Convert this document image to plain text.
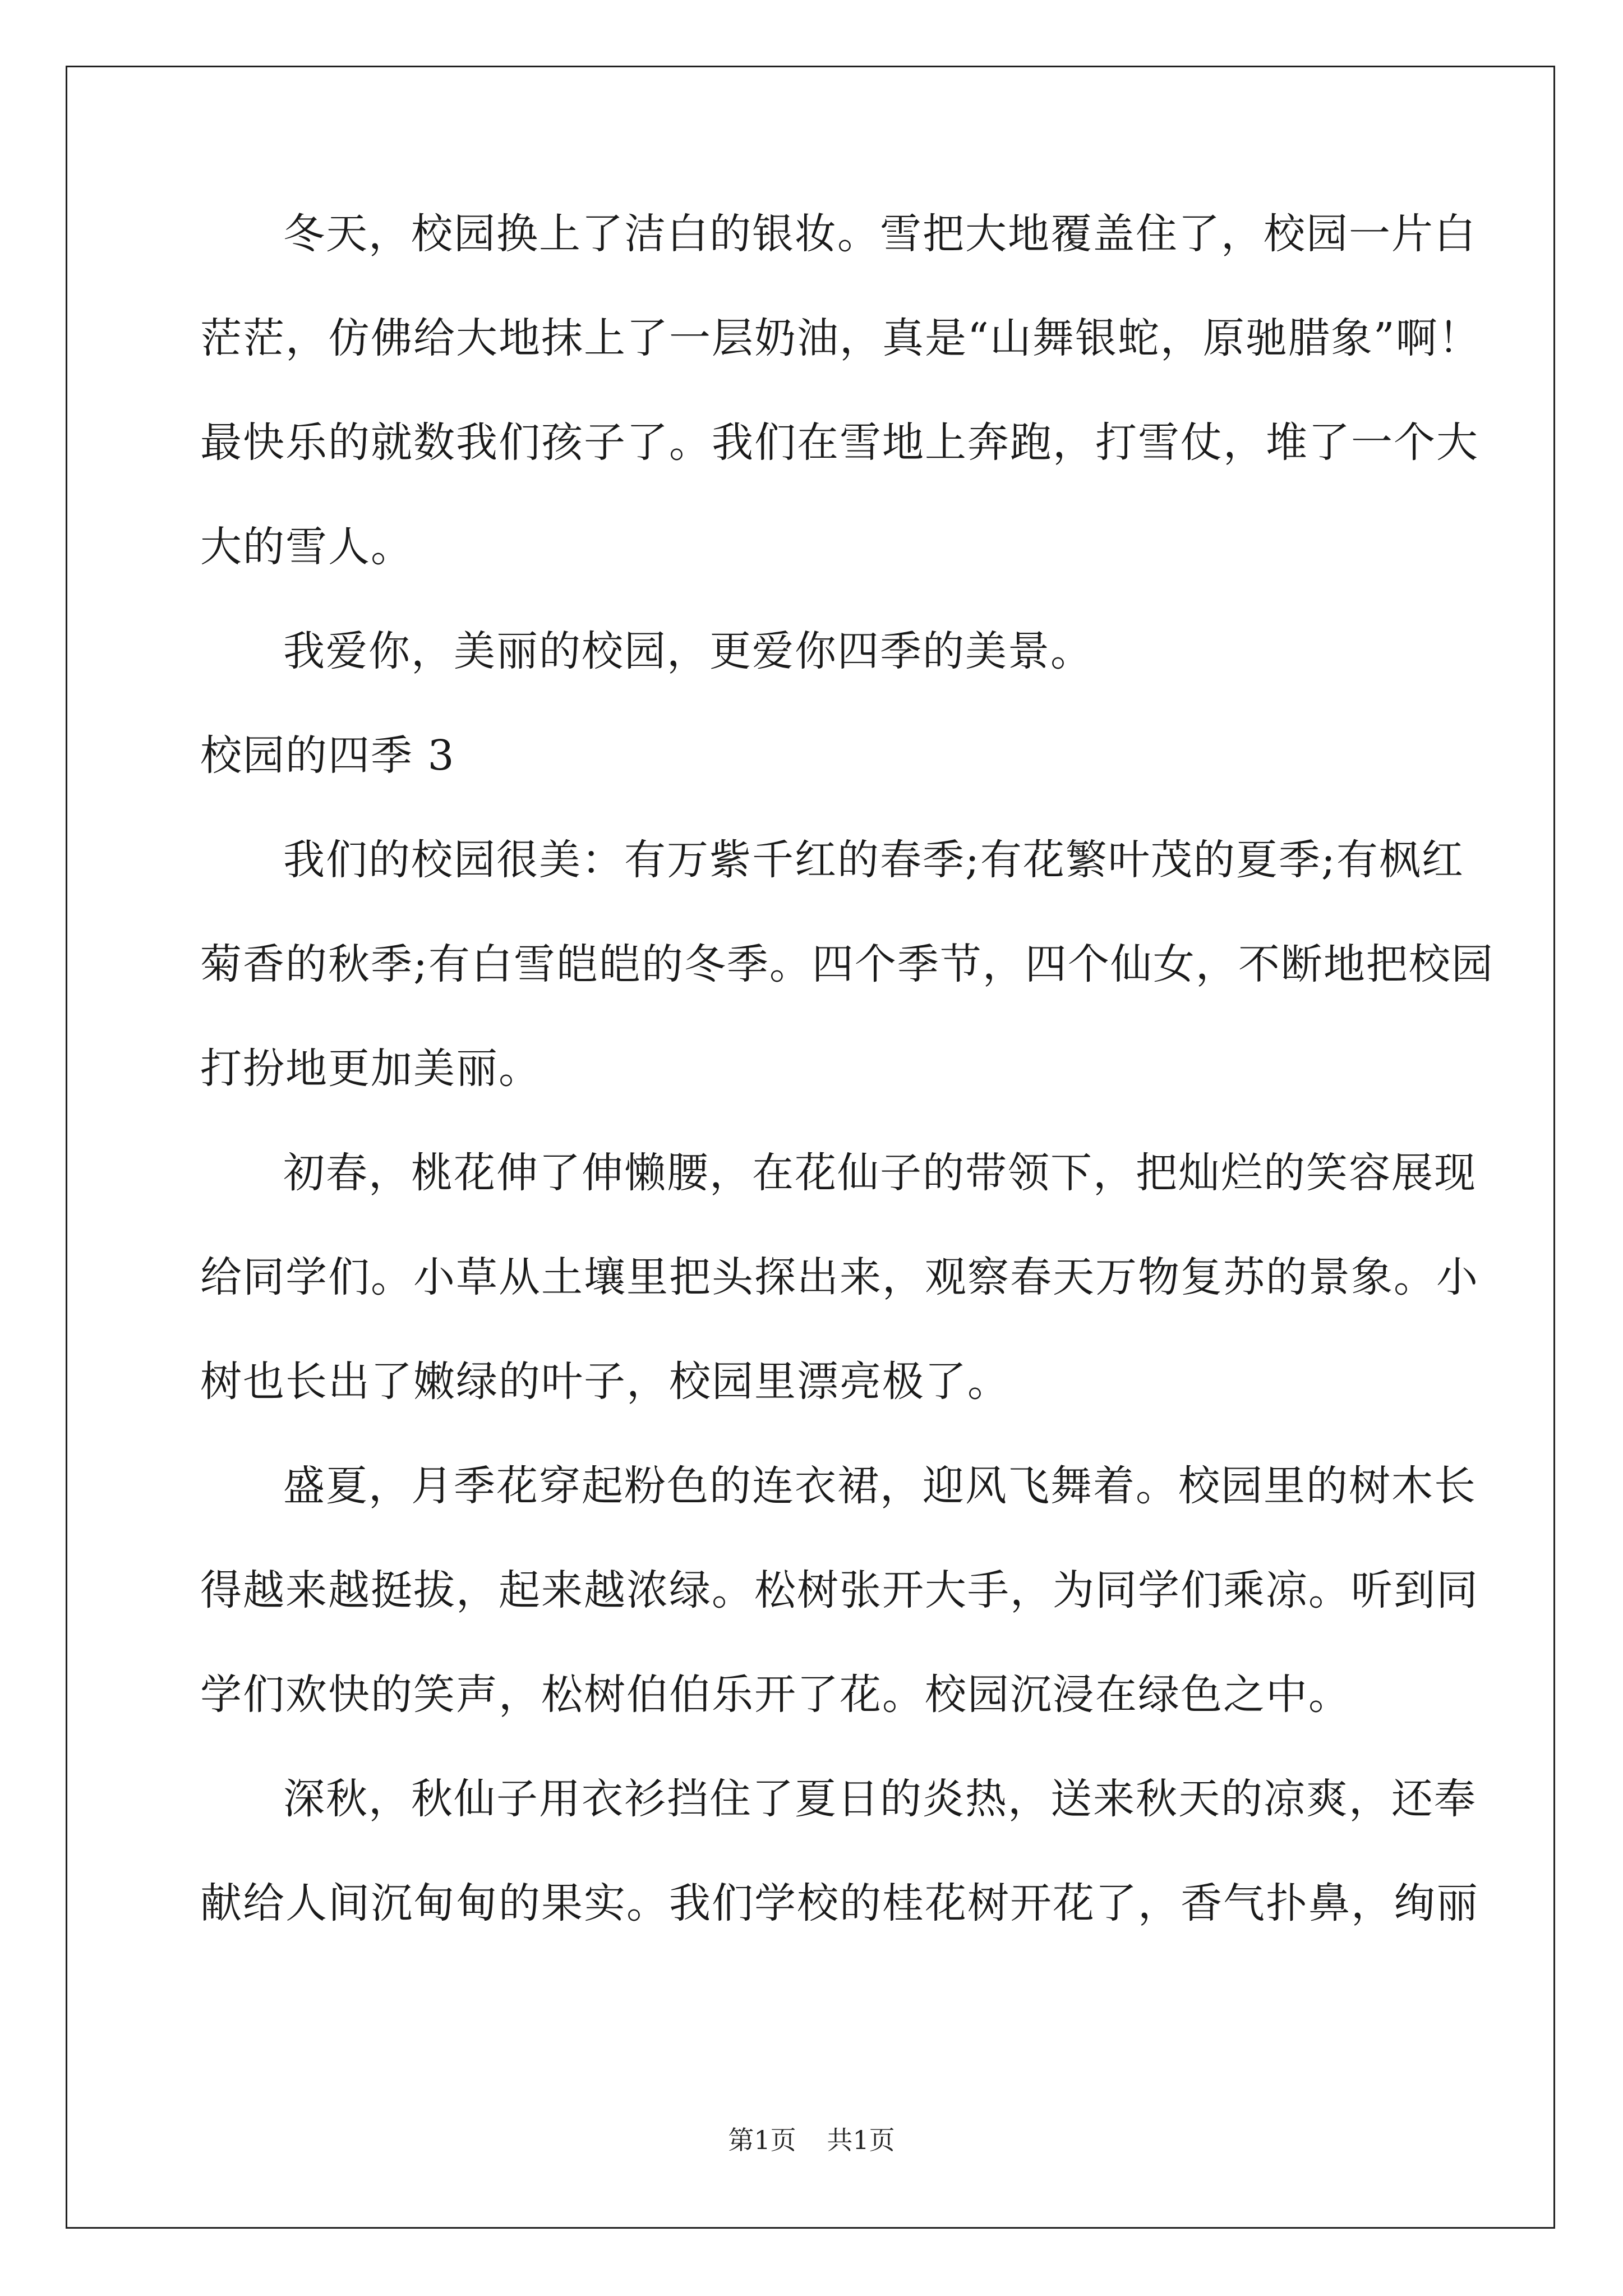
冬天，校园换上了洁白的银妆。雪把大地覆盖住了，校园一片白
茫茫，仿佛给大地抹上了一层奶油，真是“山舞银蛇，原驰腊象”啊！
最快乐的就数我们孩子了。我们在雪地上奔跑，打雪仗，堆了一个大
大的雪人。
我爱你，美丽的校园，更爱你四季的美景。
校园的四季 3
我们的校园很美：有万紫千红的春季;有花繁叶茂的夏季;有枫红
菊香的秋季;有白雪皑皑的冬季。四个季节，四个仙女，不断地把校园
打扮地更加美丽。
初春，桃花伸了伸懒腰，在花仙子的带领下，把灿烂的笑容展现
给同学们。小草从土壤里把头探出来，观察春天万物复苏的景象。小
树也长出了嫩绿的叶子，校园里漂亮极了。
盛夏，月季花穿起粉色的连衣裙，迎风飞舞着。校园里的树木长
得越来越挺拔，起来越浓绿。松树张开大手，为同学们乘凉。听到同
学们欢快的笑声，松树伯伯乐开了花。校园沉浸在绿色之中。
深秋，秋仙子用衣衫挡住了夏日的炎热，送来秋天的凉爽，还奉
献给人间沉甸甸的果实。我们学校的桂花树开花了，香气扑鼻，绚丽
第1页 共1页
